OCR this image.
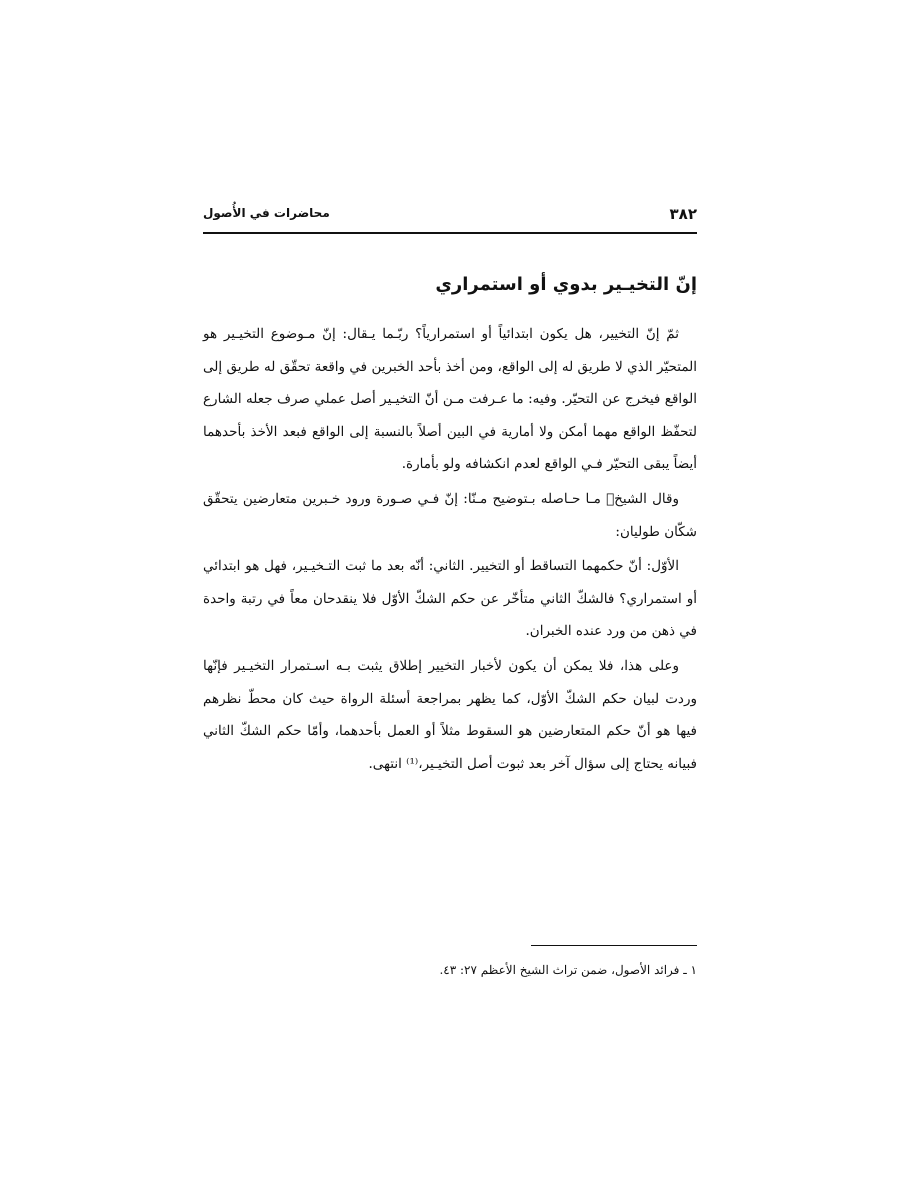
٣٨٢
محاضرات في الأُصول
إنّ التخيـير بدوي أو استمراري

ثمّ إنّ التخيير، هل يكون ابتدائياً أو استمرارياً؟ ربّـما يـقال: إنّ مـوضوع التخيـير هو المتحيّر الذي لا طريق له إلى الواقع، ومن أخذ بأحد الخبرين في واقعة تحقّق له طريق إلى الواقع فيخرج عن التحيّر. وفيه: ما عـرفت مـن أنّ التخيـير أصل عملي صرف جعله الشارع لتحفّظ الواقع مهما أمكن ولا أمارية في البين أصلاً بالنسبة إلى الواقع فبعد الأخذ بأحدهما أيضاً يبقى التحيّر فـي الواقع لعدم انكشافه ولو بأمارة.

وقال الشيخ﷬ مـا حـاصله بـتوضيح مـنّا: إنّ فـي صـورة ورود خـبرين متعارضين يتحقّق شكّان طوليان:

الأوّل: أنّ حكمهما التساقط أو التخيير. الثاني: أنّه بعد ما ثبت التـخيـير، فهل هو ابتدائي أو استمراري؟ فالشكّ الثاني متأخّر عن حكم الشكّ الأوّل فلا ينقدحان معاً في رتبة واحدة في ذهن من ورد عنده الخبران.

وعلى هذا، فلا يمكن أن يكون لأخبار التخيير إطلاق يثبت بـه اسـتمرار التخيـير فإنّها وردت لبيان حكم الشكّ الأوّل، كما يظهر بمراجعة أسئلة الرواة حيث كان محطّ نظرهم فيها هو أنّ حكم المتعارضين هو السقوط مثلاً أو العمل بأحدهما، وأمّا حكم الشكّ الثاني فبيانه يحتاج إلى سؤال آخر بعد ثبوت أصل التخيـير،⁽¹⁾ انتهى.

١ ـ فرائد الأصول، ضمن تراث الشيخ الأعظم ٢٧: ٤٣.
